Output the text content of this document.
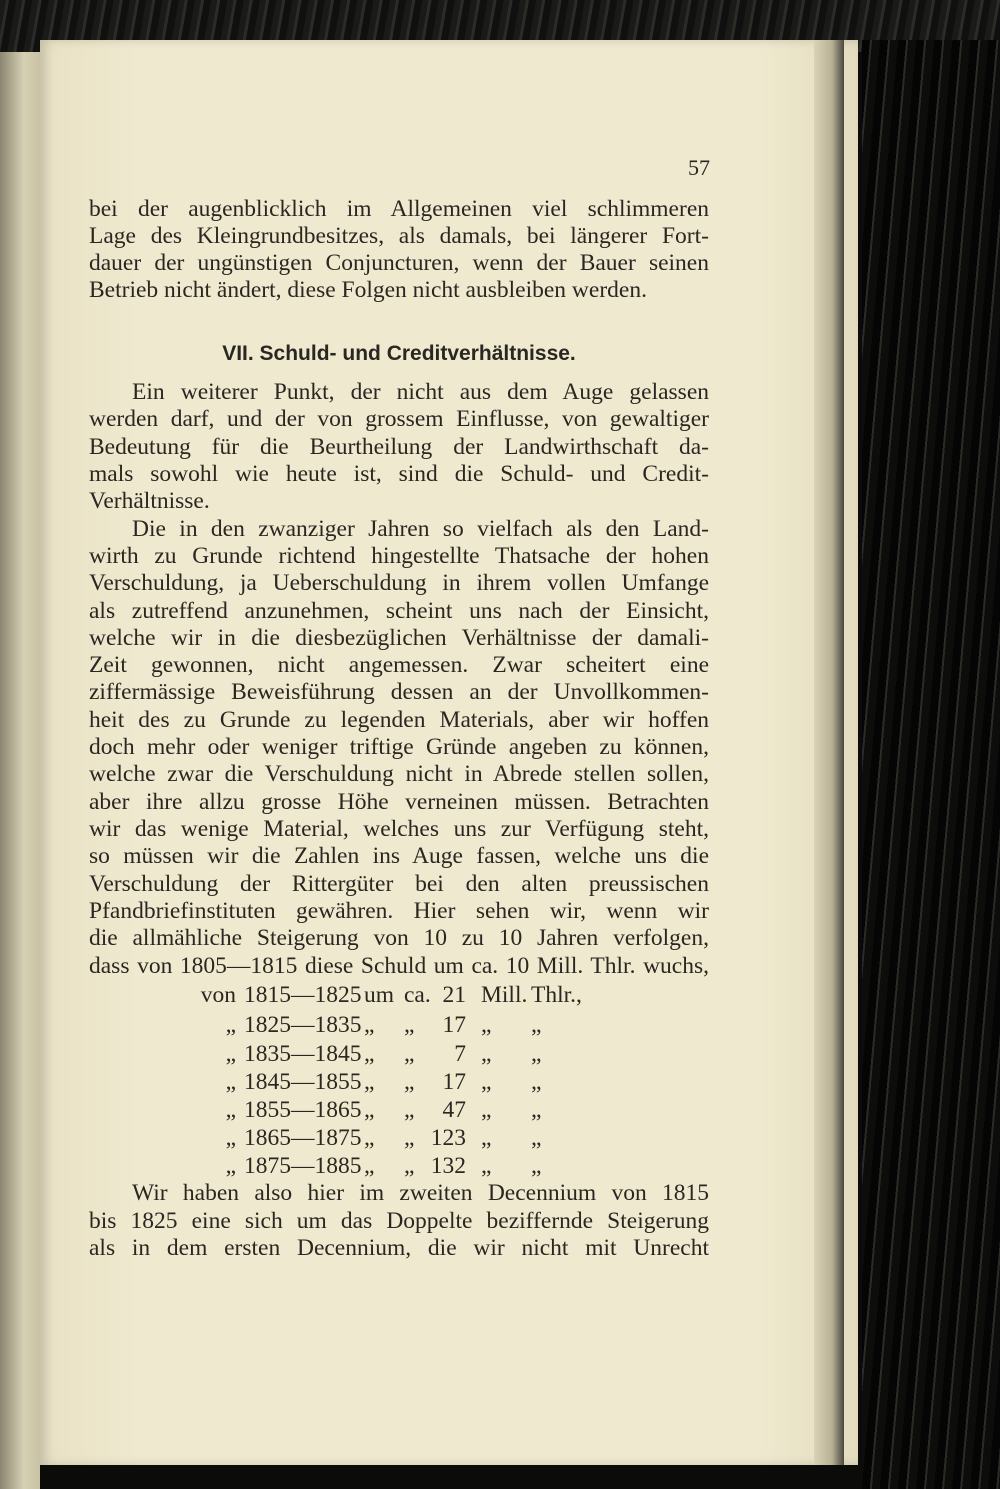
57
bei der augenblicklich im Allgemeinen viel schlimmeren
Lage des Kleingrundbesitzes, als damals, bei längerer Fort-
dauer der ungünstigen Conjuncturen, wenn der Bauer seinen
Betrieb nicht ändert, diese Folgen nicht ausbleiben werden.
VII. Schuld- und Creditverhältnisse.
Ein weiterer Punkt, der nicht aus dem Auge gelassen
werden darf, und der von grossem Einflusse, von gewaltiger
Bedeutung für die Beurtheilung der Landwirthschaft da-
mals sowohl wie heute ist, sind die Schuld- und Credit-
Verhältnisse.
Die in den zwanziger Jahren so vielfach als den Land-
wirth zu Grunde richtend hingestellte Thatsache der hohen
Verschuldung, ja Ueberschuldung in ihrem vollen Umfange
als zutreffend anzunehmen, scheint uns nach der Einsicht,
welche wir in die diesbezüglichen Verhältnisse der damali-
Zeit gewonnen, nicht angemessen. Zwar scheitert eine
ziffermässige Beweisführung dessen an der Unvollkommen-
heit des zu Grunde zu legenden Materials, aber wir hoffen
doch mehr oder weniger triftige Gründe angeben zu können,
welche zwar die Verschuldung nicht in Abrede stellen sollen,
aber ihre allzu grosse Höhe verneinen müssen. Betrachten
wir das wenige Material, welches uns zur Verfügung steht,
so müssen wir die Zahlen ins Auge fassen, welche uns die
Verschuldung der Rittergüter bei den alten preussischen
Pfandbriefinstituten gewähren. Hier sehen wir, wenn wir
die allmähliche Steigerung von 10 zu 10 Jahren verfolgen,
dass von 1805—1815 diese Schuld um ca. 10 Mill. Thlr. wuchs,
von 1815—1825 um ca. 21 Mill. Thlr.,
„ 1825—1835 „	„	17 „	„
„ 1835—1845 „	„	7 „	„
„ 1845—1855 „	„	17 „	„
„ 1855—1865 „	„	47 „	„
„ 1865—1875 „	„ 123 „	„
„ 1875—1885 „	„ 132 „	„
Wir haben also hier im zweiten Decennium von 1815
bis 1825 eine sich um das Doppelte beziffernde Steigerung
als in dem ersten Decennium, die wir nicht mit Unrecht
